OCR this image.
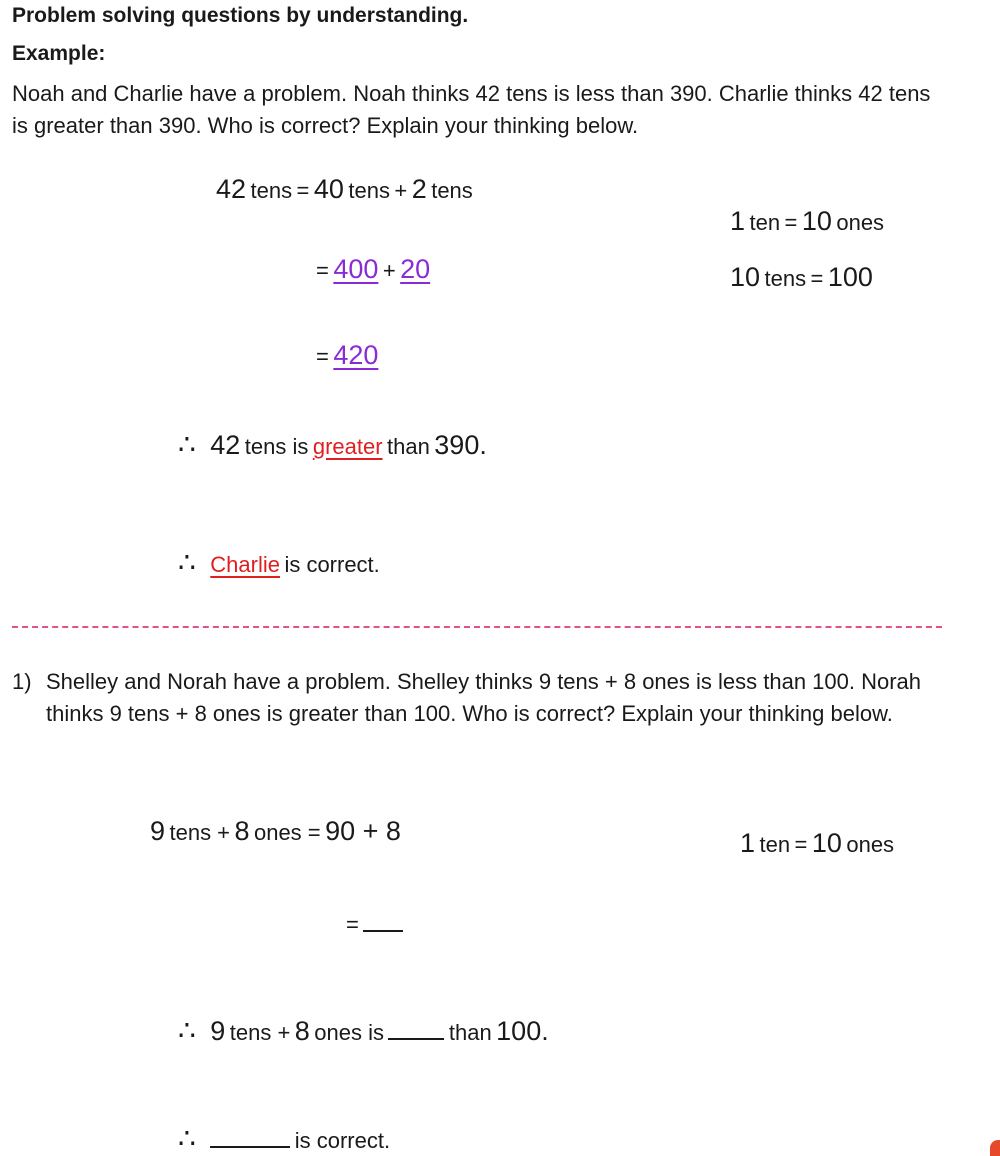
Problem solving questions by understanding.
Example:
Noah and Charlie have a problem. Noah thinks 42 tens is less than 390. Charlie thinks 42 tens is greater than 390. Who is correct? Explain your thinking below.
42 tens = 40 tens + 2 tens
1 ten = 10 ones
= 400 + 20	10 tens = 100
= 420
∴ 42 tens is greater than 390.
∴ Charlie is correct.
1) Shelley and Norah have a problem. Shelley thinks 9 tens + 8 ones is less than 100. Norah thinks 9 tens + 8 ones is greater than 100. Who is correct? Explain your thinking below.
9 tens + 8 ones = 90 + 8	1 ten = 10 ones
=
∴ 9 tens + 8 ones is	than 100.
∴	is correct.
